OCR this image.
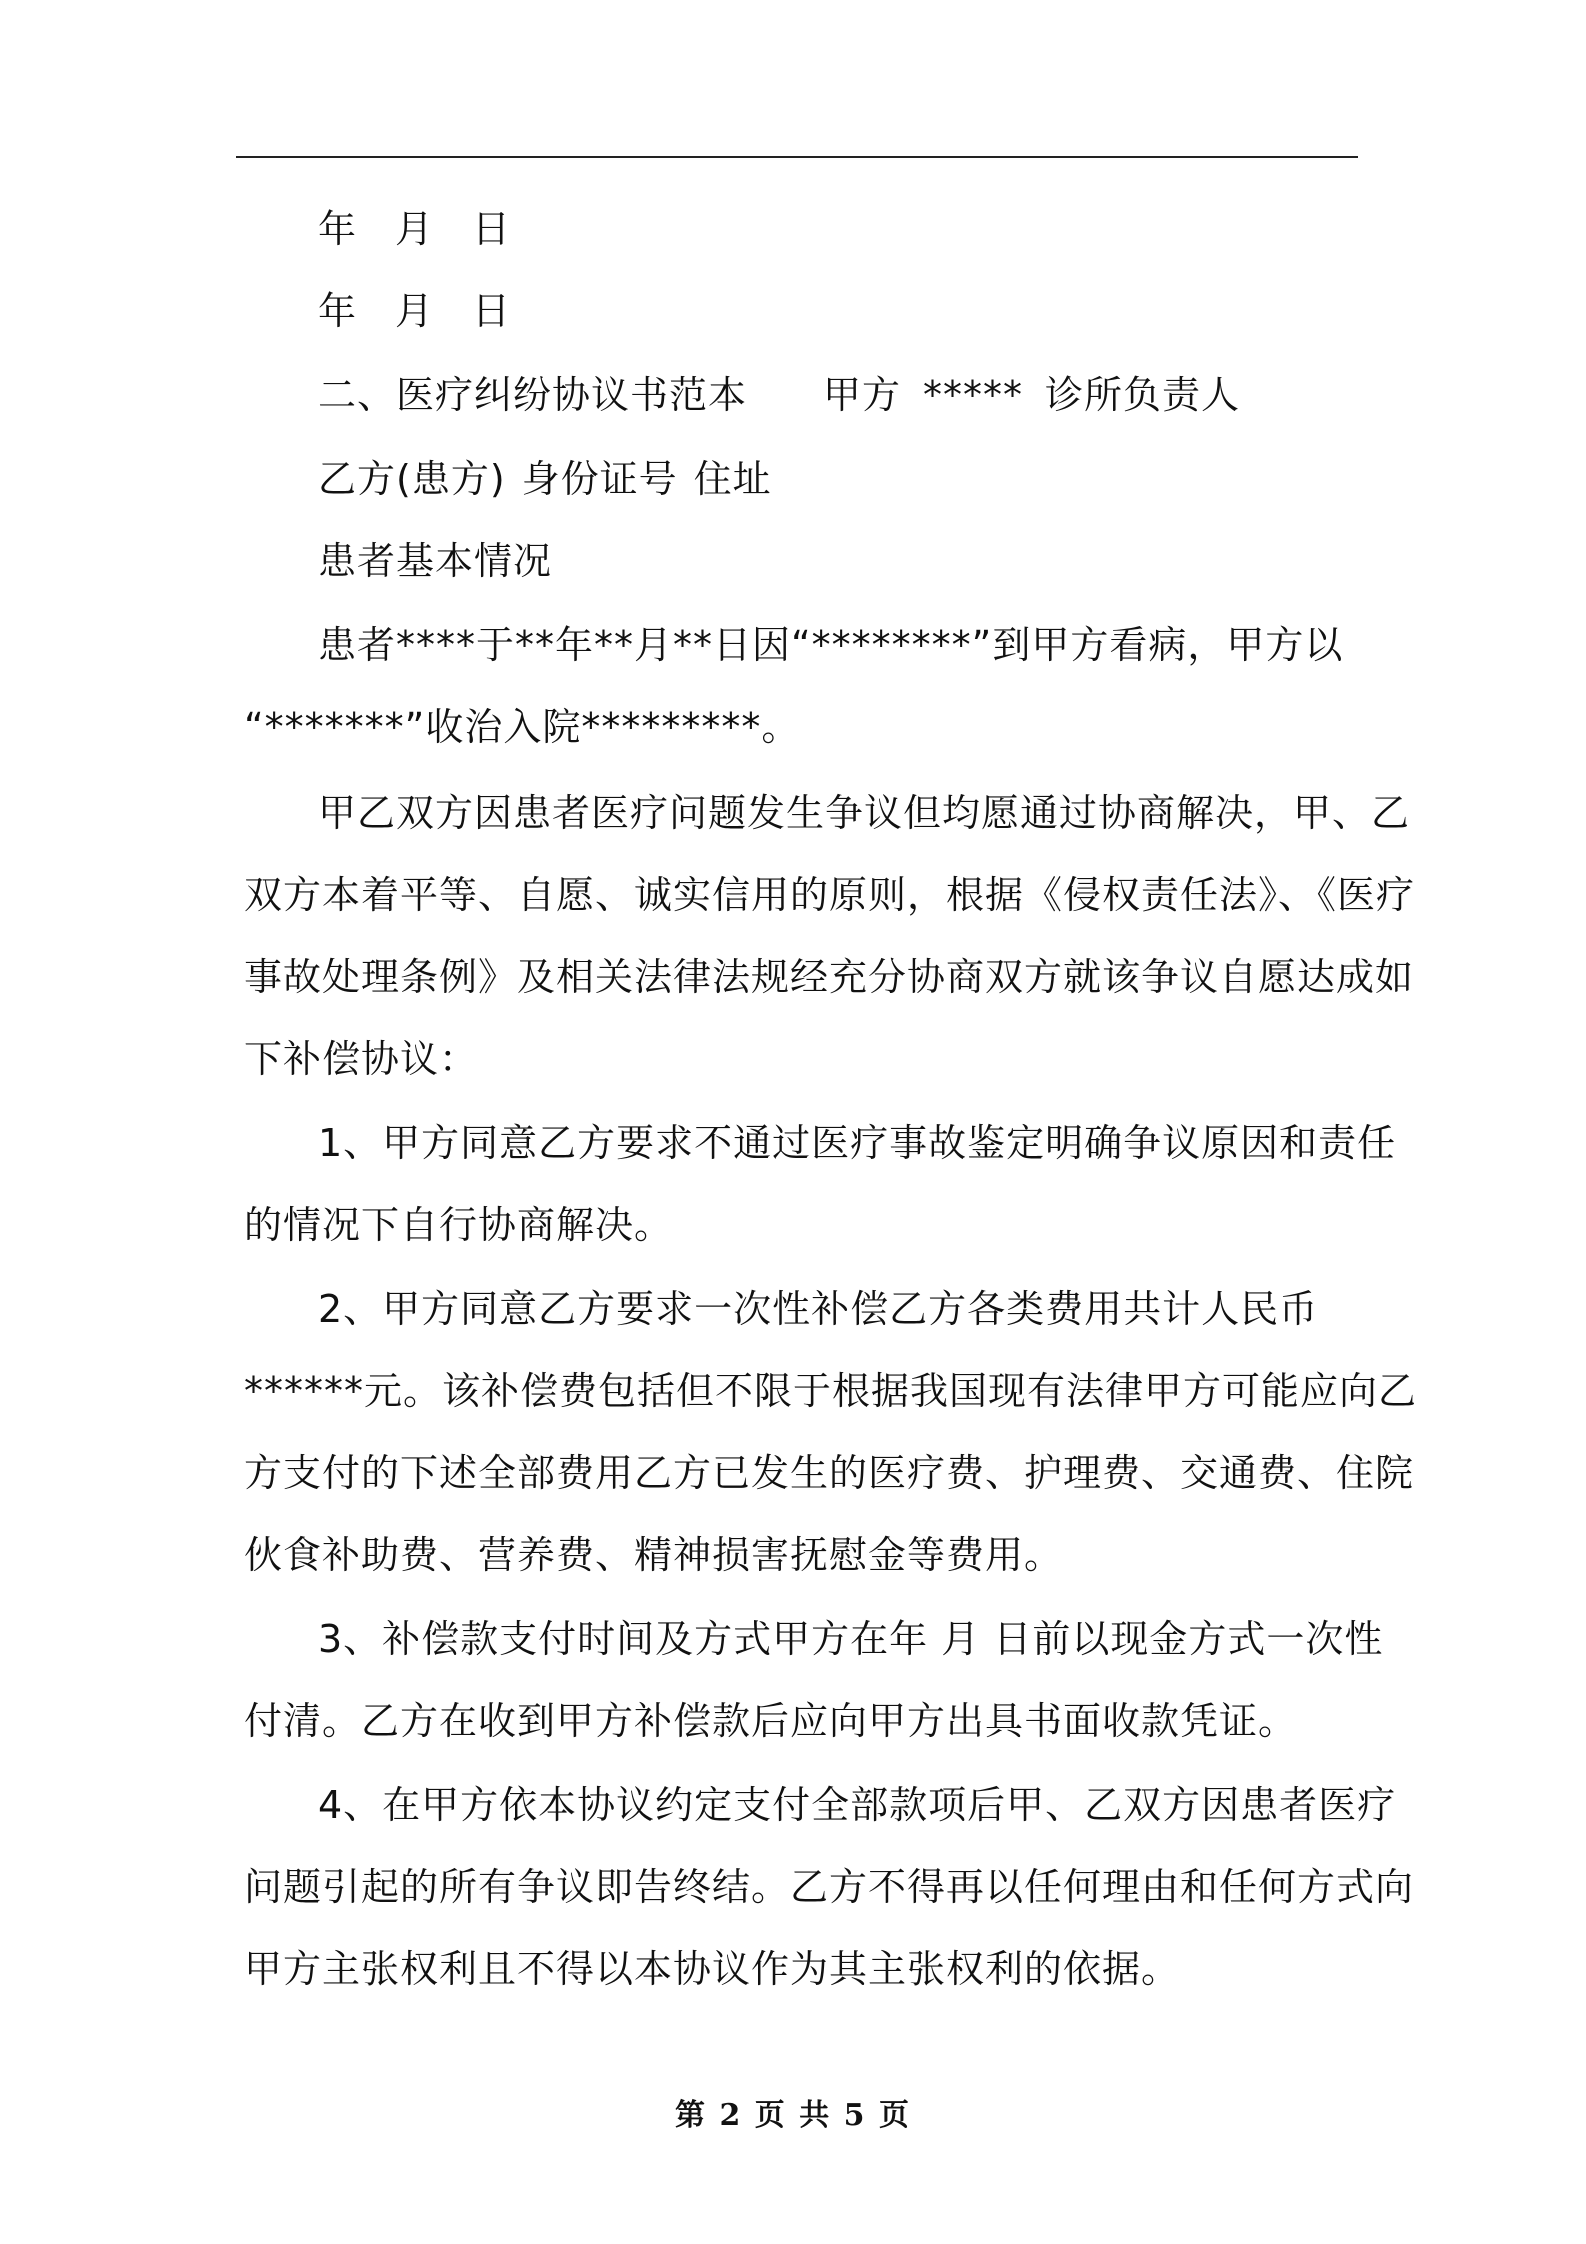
年 月 日
年 月 日
二、医疗纠纷协议书范本 甲方 ***** 诊所负责人
乙方(患方) 身份证号 住址
患者基本情况
患者****于**年**月**日因“********”到甲方看病，甲方以
“*******”收治入院*********。
甲乙双方因患者医疗问题发生争议但均愿通过协商解决，甲、乙
双方本着平等、自愿、诚实信用的原则，根据《侵权责任法》、《医疗
事故处理条例》及相关法律法规经充分协商双方就该争议自愿达成如
下补偿协议：
1、甲方同意乙方要求不通过医疗事故鉴定明确争议原因和责任
的情况下自行协商解决。
2、甲方同意乙方要求一次性补偿乙方各类费用共计人民币
******元。该补偿费包括但不限于根据我国现有法律甲方可能应向乙
方支付的下述全部费用乙方已发生的医疗费、护理费、交通费、住院
伙食补助费、营养费、精神损害抚慰金等费用。
3、补偿款支付时间及方式甲方在年 月 日前以现金方式一次性
付清。乙方在收到甲方补偿款后应向甲方出具书面收款凭证。
4、在甲方依本协议约定支付全部款项后甲、乙双方因患者医疗
问题引起的所有争议即告终结。乙方不得再以任何理由和任何方式向
甲方主张权利且不得以本协议作为其主张权利的依据。
第 2 页 共 5 页
